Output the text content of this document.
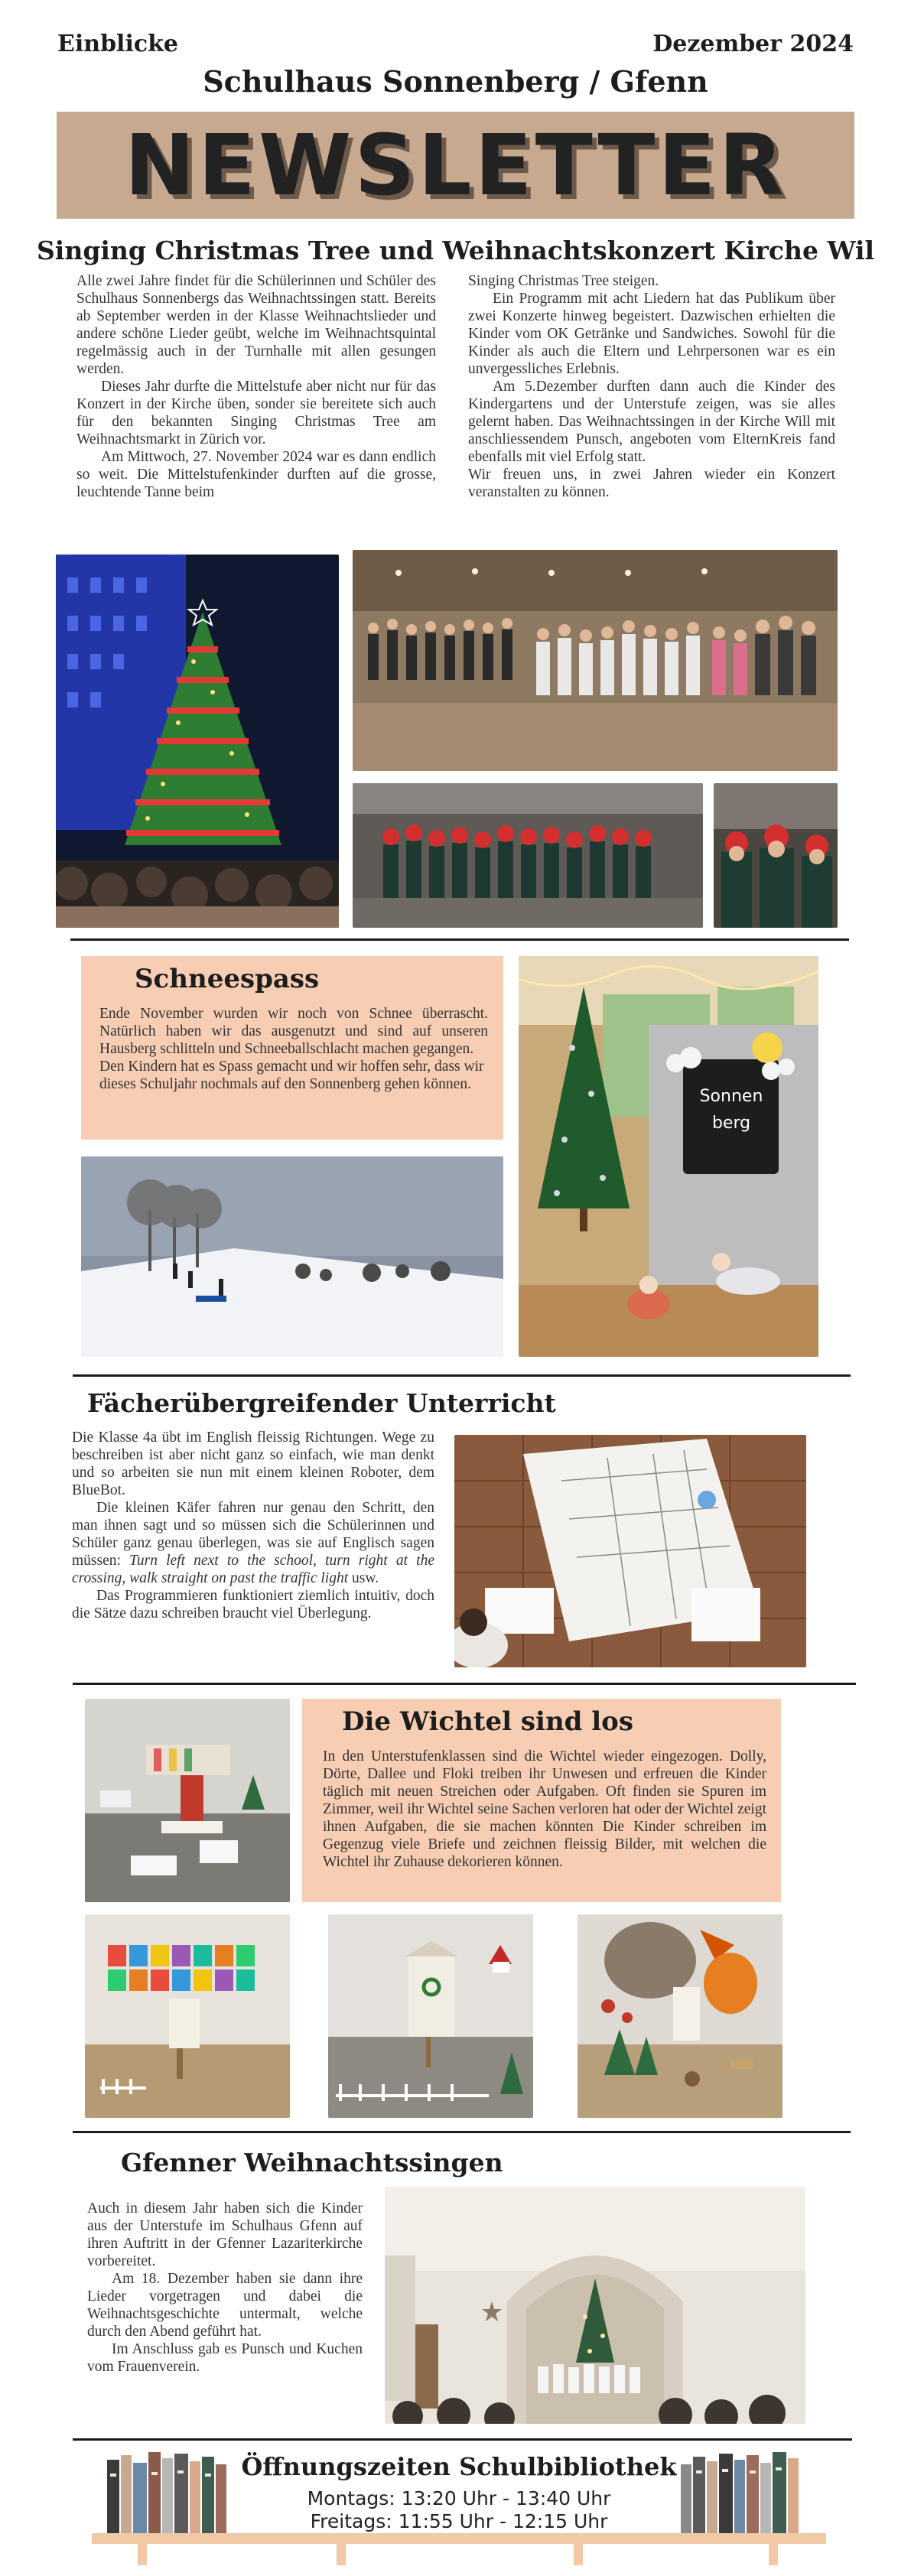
Einblicke	Dezember 2024
Schulhaus Sonnenberg / Gfenn
NEWSLETTER
Singing Christmas Tree und Weihnachtskonzert Kirche Wil

Alle zwei Jahre findet für die Schülerinnen und Schüler des Schulhaus Sonnenbergs das Weihnachtssingen statt. Bereits ab September werden in der Klasse Weihnachtslieder und andere schöne Lieder geübt, welche im Weihnachtsquintal regelmässig auch in der Turnhalle mit allen gesungen werden.

Dieses Jahr durfte die Mittelstufe aber nicht nur für das Konzert in der Kirche üben, sonder sie bereitete sich auch für den bekannten Singing Christmas Tree am Weihnachtsmarkt in Zürich vor.

Am Mittwoch, 27. November 2024 war es dann endlich so weit. Die Mittelstufenkinder durften auf die grosse, leuchtende Tanne beim

Singing Christmas Tree steigen.

Ein Programm mit acht Liedern hat das Publikum über zwei Konzerte hinweg begeistert. Dazwischen erhielten die Kinder vom OK Getränke und Sandwiches. Sowohl für die Kinder als auch die Eltern und Lehrpersonen war es ein unvergessliches Erlebnis.

Am 5.Dezember durften dann auch die Kinder des Kindergartens und der Unterstufe zeigen, was sie alles gelernt haben. Das Weihnachtssingen in der Kirche Will mit anschliessendem Punsch, angeboten vom ElternKreis fand ebenfalls mit viel Erfolg statt.

Wir freuen uns, in zwei Jahren wieder ein Konzert veranstalten zu können.

Schneespass

Ende November wurden wir noch von Schnee überrascht. Natürlich haben wir das ausgenutzt und sind auf unseren Hausberg schlitteln und Schneeballschlacht machen gegangen.

Den Kindern hat es Spass gemacht und wir hoffen sehr, dass wir dieses Schuljahr nochmals auf den Sonnenberg gehen können.

Sonnen
berg
Fächerübergreifender Unterricht

Die Klasse 4a übt im English fleissig Richtungen. Wege zu beschreiben ist aber nicht ganz so einfach, wie man denkt und so arbeiten sie nun mit einem kleinen Roboter, dem BlueBot.

Die kleinen Käfer fahren nur genau den Schritt, den man ihnen sagt und so müssen sich die Schülerinnen und Schüler ganz genau überlegen, was sie auf Englisch sagen müssen: Turn left next to the school, turn right at the crossing, walk straight on past the traffic light usw.

Das Programmieren funktioniert ziemlich intuitiv, doch die Sätze dazu schreiben braucht viel Überlegung.

Die Wichtel sind los
In den Unterstufenklassen sind die Wichtel wieder eingezogen. Dolly, Dörte, Dallee und Floki treiben ihr Unwesen und erfreuen die Kinder täglich mit neuen Streichen oder Aufgaben. Oft finden sie Spuren im Zimmer, weil ihr Wichtel seine Sachen verloren hat oder der Wichtel zeigt ihnen Aufgaben, die sie machen könnten Die Kinder schreiben im Gegenzug viele Briefe und zeichnen fleissig Bilder, mit welchen die Wichtel ihr Zuhause dekorieren können.
Gfenner Weihnachtssingen

Auch in diesem Jahr haben sich die Kinder aus der Unterstufe im Schulhaus Gfenn auf ihren Auftritt in der Gfenner Lazariterkirche vorbereitet.

Am 18. Dezember haben sie dann ihre Lieder vorgetragen und dabei die Weihnachtsgeschichte untermalt, welche durch den Abend geführt hat.

Im Anschluss gab es Punsch und Kuchen vom Frauenverein.

Öffnungszeiten Schulbibliothek
Montags: 13:20 Uhr - 13:40 Uhr
Freitags: 11:55 Uhr - 12:15 Uhr
